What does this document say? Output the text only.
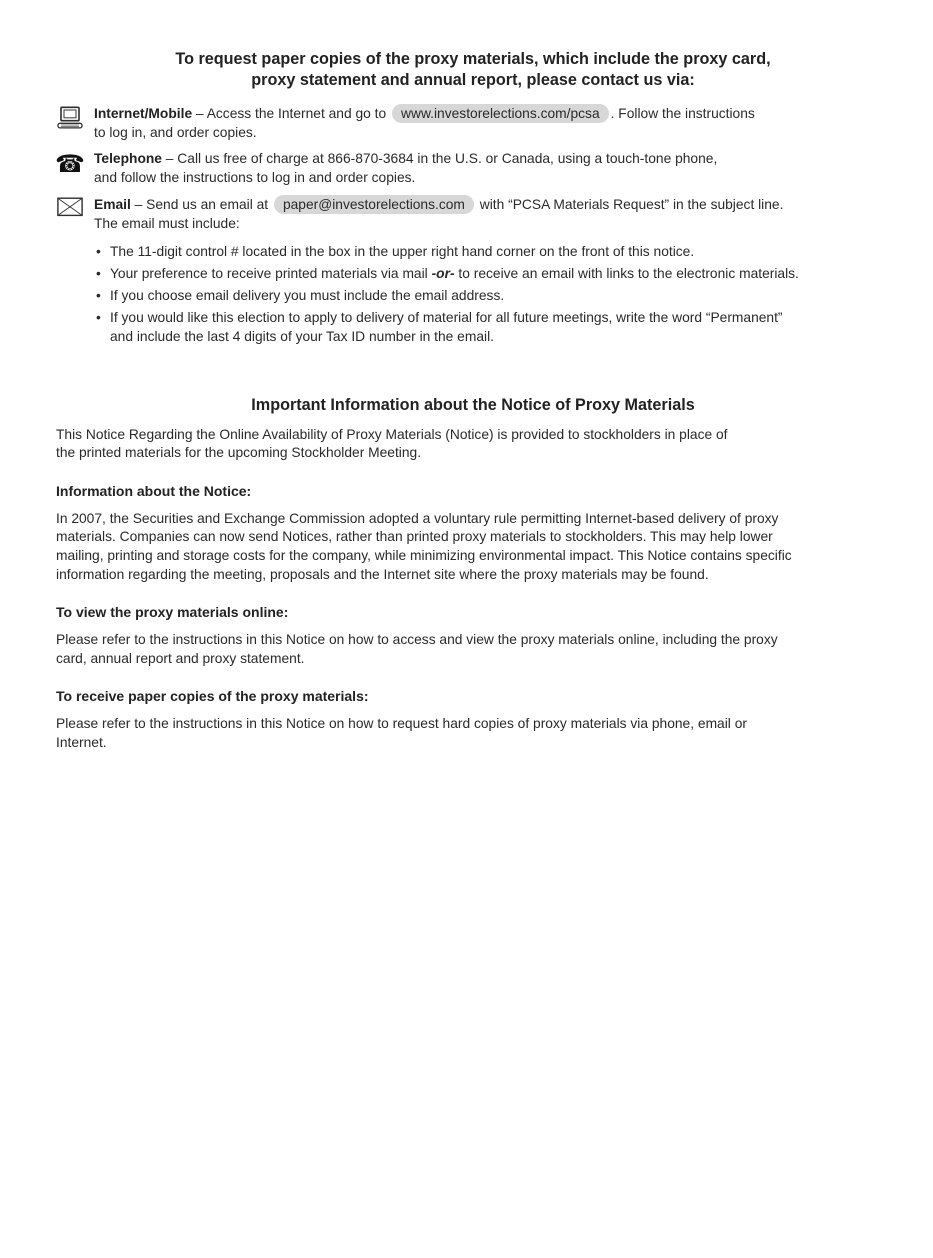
To request paper copies of the proxy materials, which include the proxy card,
proxy statement and annual report, please contact us via:
Internet/Mobile – Access the Internet and go to www.investorelections.com/pcsa . Follow the instructions
to log in, and order copies.
☎ Telephone – Call us free of charge at 866-870-3684 in the U.S. or Canada, using a touch-tone phone,
and follow the instructions to log in and order copies.
Email – Send us an email at paper@investorelections.com with “PCSA Materials Request” in the subject line.
The email must include:
• The 11-digit control # located in the box in the upper right hand corner on the front of this notice.
• Your preference to receive printed materials via mail -or- to receive an email with links to the electronic materials.
• If you choose email delivery you must include the email address.
• If you would like this election to apply to delivery of material for all future meetings, write the word “Permanent”
and include the last 4 digits of your Tax ID number in the email.
Important Information about the Notice of Proxy Materials
This Notice Regarding the Online Availability of Proxy Materials (Notice) is provided to stockholders in place of
the printed materials for the upcoming Stockholder Meeting.
Information about the Notice:
In 2007, the Securities and Exchange Commission adopted a voluntary rule permitting Internet-based delivery of proxy
materials. Companies can now send Notices, rather than printed proxy materials to stockholders. This may help lower
mailing, printing and storage costs for the company, while minimizing environmental impact. This Notice contains specific
information regarding the meeting, proposals and the Internet site where the proxy materials may be found.
To view the proxy materials online:
Please refer to the instructions in this Notice on how to access and view the proxy materials online, including the proxy
card, annual report and proxy statement.
To receive paper copies of the proxy materials:
Please refer to the instructions in this Notice on how to request hard copies of proxy materials via phone, email or
Internet.
